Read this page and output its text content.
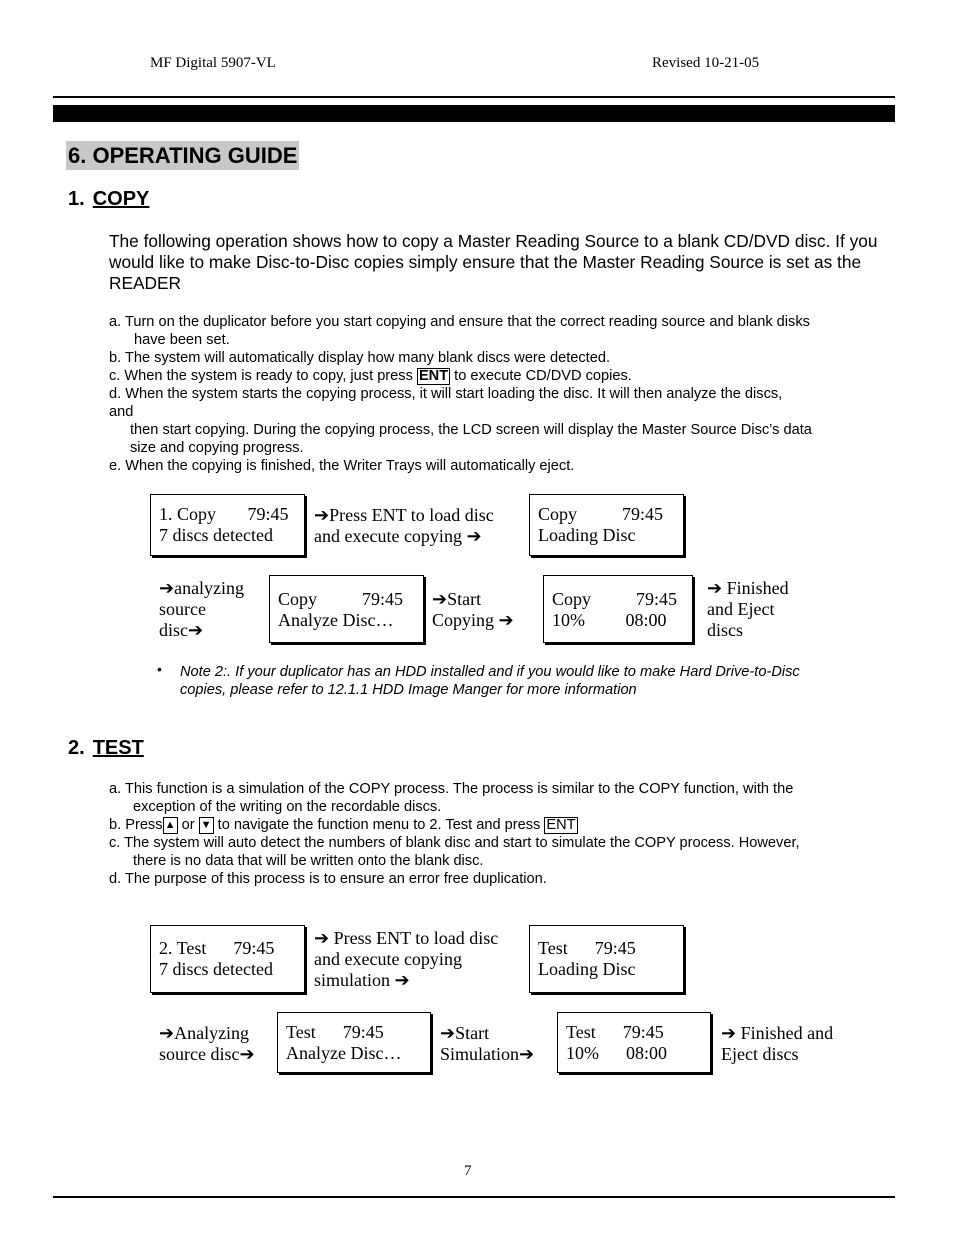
MF Digital 5907-VL	Revised 10-21-05
6. OPERATING GUIDE
1. COPY
The following operation shows how to copy a Master Reading Source to a blank CD/DVD disc. If you would like to make Disc-to-Disc copies simply ensure that the Master Reading Source is set as the READER
a. Turn on the duplicator before you start copying and ensure that the correct reading source and blank disks
have been set.
b. The system will automatically display how many blank discs were detected.
c. When the system is ready to copy, just press ENT to execute CD/DVD copies.
d. When the system starts the copying process, it will start loading the disc. It will then analyze the discs,
and
then start copying. During the copying process, the LCD screen will display the Master Source Disc’s data
size and copying progress.
e. When the copying is finished, the Writer Trays will automatically eject.
1. Copy       79:45
7 discs detected
➔Press ENT to load disc
and execute copying ➔
Copy          79:45
Loading Disc
➔analyzing
source
disc➔
Copy          79:45
Analyze Disc…
➔Start
Copying ➔
Copy          79:45
10%         08:00
➔ Finished
and Eject
discs
• Note 2:. If your duplicator has an HDD installed and if you would like to make Hard Drive-to-Disc
copies, please refer to 12.1.1 HDD Image Manger for more information
2. TEST
a. This function is a simulation of the COPY process. The process is similar to the COPY function, with the
exception of the writing on the recordable discs.
b. Press ▲ or ▼ to navigate the function menu to 2. Test and press ENT
c. The system will auto detect the numbers of blank disc and start to simulate the COPY process. However,
there is no data that will be written onto the blank disc.
d. The purpose of this process is to ensure an error free duplication.
2. Test      79:45
7 discs detected
➔ Press ENT to load disc
and execute copying
simulation ➔
Test      79:45
Loading Disc
➔Analyzing
source disc➔
Test      79:45
Analyze Disc…
➔Start
Simulation➔
Test      79:45
10%      08:00
➔ Finished and
Eject discs
7
